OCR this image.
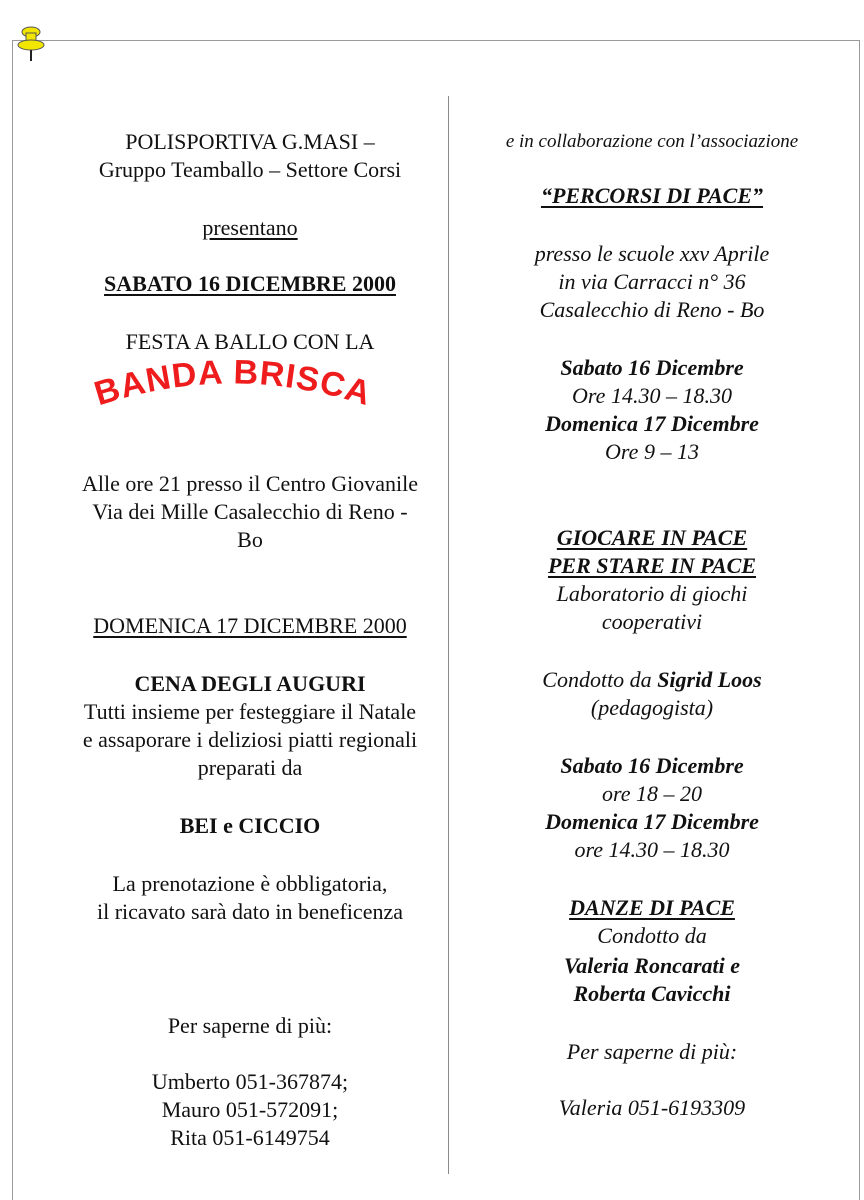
POLISPORTIVA G.MASI –
Gruppo Teamballo – Settore Corsi
presentano
SABATO 16 DICEMBRE 2000
FESTA A BALLO CON LA
BANDA BRISCA
Alle ore 21 presso il Centro Giovanile
Via dei Mille Casalecchio di Reno -
Bo
DOMENICA 17 DICEMBRE 2000
CENA DEGLI AUGURI
Tutti insieme per festeggiare il Natale
e assaporare i deliziosi piatti regionali
preparati da
BEI e CICCIO
La prenotazione è obbligatoria,
il ricavato sarà dato in beneficenza
Per saperne di più:
Umberto 051-367874;
Mauro 051-572091;
Rita 051-6149754
e in collaborazione con l’associazione
“PERCORSI DI PACE”
presso le scuole xxv Aprile
in via Carracci n° 36
Casalecchio di Reno - Bo
Sabato 16 Dicembre
Ore 14.30 – 18.30
Domenica 17 Dicembre
Ore 9 – 13
GIOCARE IN PACE
PER STARE IN PACE
Laboratorio di giochi
cooperativi
Condotto da Sigrid Loos
(pedagogista)
Sabato 16 Dicembre
ore 18 – 20
Domenica 17 Dicembre
ore 14.30 – 18.30
DANZE DI PACE
Condotto da
Valeria Roncarati e
Roberta Cavicchi
Per saperne di più:
Valeria 051-6193309
